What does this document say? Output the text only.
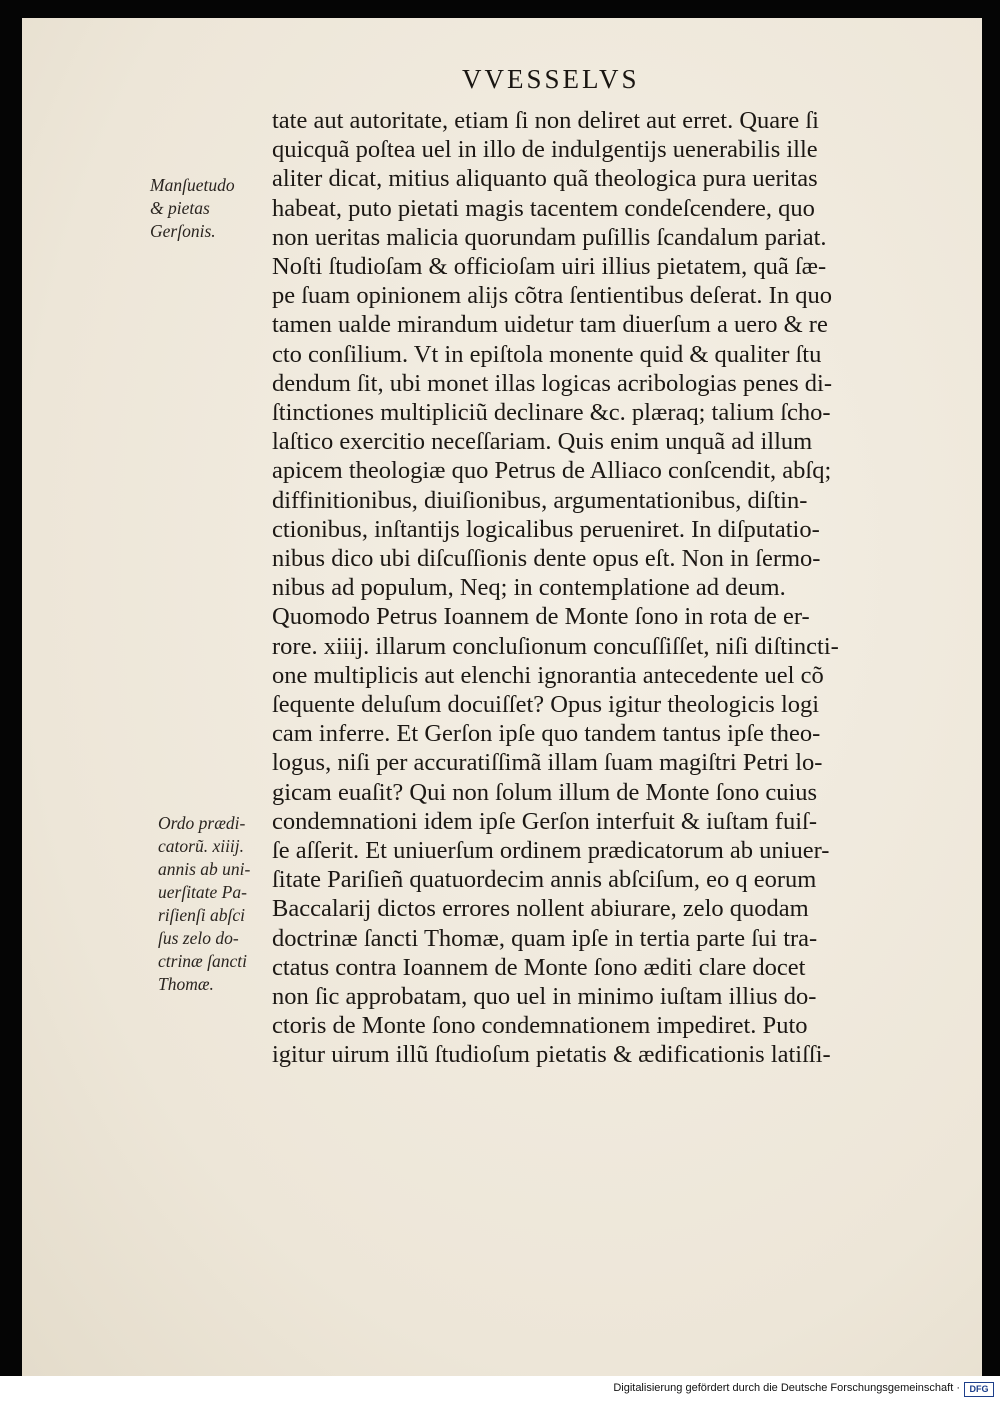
VVESSELVS
tate aut autoritate, etiam ſi non deliret aut erret. Quare ſi
quicquã poſtea uel in illo de indulgentijs uenerabilis ille
aliter dicat, mitius aliquanto quã theologica pura ueritas
habeat, puto pietati magis tacentem condeſcendere, quo
non ueritas malicia quorundam puſillis ſcandalum pariat.
Noſti ſtudioſam & officioſam uiri illius pietatem, quã ſæ-
pe ſuam opinionem alijs cõtra ſentientibus deſerat. In quo
tamen ualde mirandum uidetur tam diuerſum a uero & re
cto conſilium. Vt in epiſtola monente quid & qualiter ſtu
dendum ſit, ubi monet illas logicas acribologias penes di-
ſtinctiones multipliciũ declinare &c. plæraq; talium ſcho-
laſtico exercitio neceſſariam. Quis enim unquã ad illum
apicem theologiæ quo Petrus de Alliaco conſcendit, abſq;
diffinitionibus, diuiſionibus, argumentationibus, diſtin-
ctionibus, inſtantijs logicalibus perueniret. In diſputatio-
nibus dico ubi diſcuſſionis dente opus eſt. Non in ſermo-
nibus ad populum, Neq; in contemplatione ad deum.
Quomodo Petrus Ioannem de Monte ſono in rota de er-
rore. xiiij. illarum concluſionum concuſſiſſet, niſi diſtincti-
one multiplicis aut elenchi ignorantia antecedente uel cõ
ſequente deluſum docuiſſet? Opus igitur theologicis logi
cam inferre. Et Gerſon ipſe quo tandem tantus ipſe theo-
logus, niſi per accuratiſſimã illam ſuam magiſtri Petri lo-
gicam euaſit? Qui non ſolum illum de Monte ſono cuius
condemnationi idem ipſe Gerſon interfuit & iuſtam fuiſ-
ſe aſſerit. Et uniuerſum ordinem prædicatorum ab uniuer-
ſitate Pariſieñ quatuordecim annis abſciſum, eo q eorum
Baccalarij dictos errores nollent abiurare, zelo quodam
doctrinæ ſancti Thomæ, quam ipſe in tertia parte ſui tra-
ctatus contra Ioannem de Monte ſono æditi clare docet
non ſic approbatam, quo uel in minimo iuſtam illius do-
ctoris de Monte ſono condemnationem impediret. Puto
igitur uirum illũ ſtudioſum pietatis & ædificationis latiſſi-
Manſuetudo
& pietas
Gerſonis.
Ordo prædi-
catorũ. xiiij.
annis ab uni-
uerſitate Pa-
riſienſi abſci
ſus zelo do-
ctrinæ ſancti
Thomæ.
Digitalisierung gefördert durch die Deutsche Forschungsgemeinschaft ·	DFG
